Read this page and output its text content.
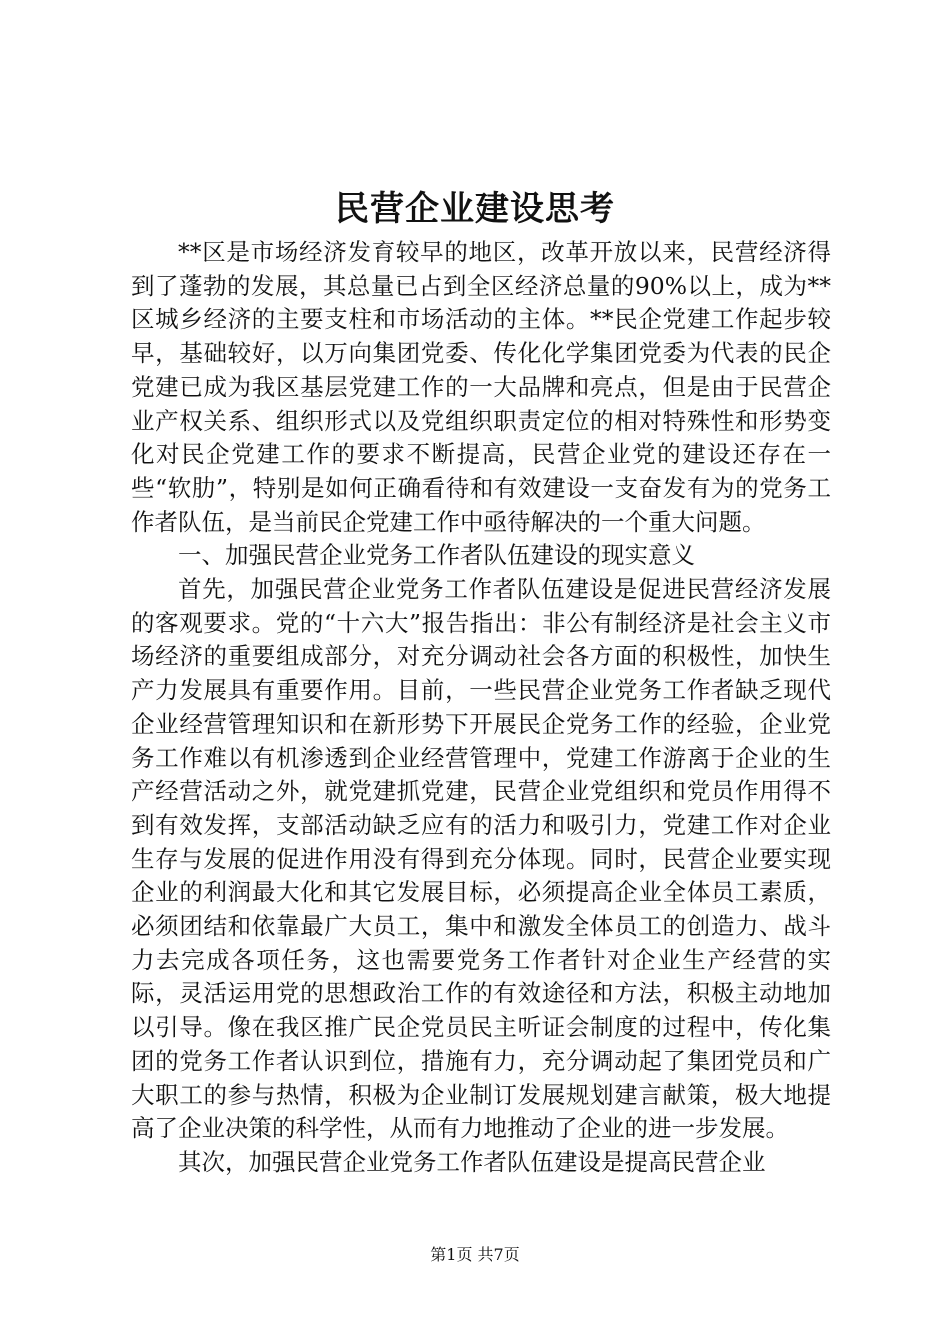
民营企业建设思考

**区是市场经济发育较早的地区，改革开放以来，民营经济得到了蓬勃的发展，其总量已占到全区经济总量的90%以上，成为**区城乡经济的主要支柱和市场活动的主体。**民企党建工作起步较早，基础较好，以万向集团党委、传化化学集团党委为代表的民企党建已成为我区基层党建工作的一大品牌和亮点，但是由于民营企业产权关系、组织形式以及党组织职责定位的相对特殊性和形势变化对民企党建工作的要求不断提高，民营企业党的建设还存在一些“软肋”，特别是如何正确看待和有效建设一支奋发有为的党务工作者队伍，是当前民企党建工作中亟待解决的一个重大问题。

一、加强民营企业党务工作者队伍建设的现实意义

首先，加强民营企业党务工作者队伍建设是促进民营经济发展的客观要求。党的“十六大”报告指出：非公有制经济是社会主义市场经济的重要组成部分，对充分调动社会各方面的积极性，加快生产力发展具有重要作用。目前，一些民营企业党务工作者缺乏现代企业经营管理知识和在新形势下开展民企党务工作的经验，企业党务工作难以有机渗透到企业经营管理中，党建工作游离于企业的生产经营活动之外，就党建抓党建，民营企业党组织和党员作用得不到有效发挥，支部活动缺乏应有的活力和吸引力，党建工作对企业生存与发展的促进作用没有得到充分体现。同时，民营企业要实现企业的利润最大化和其它发展目标，必须提高企业全体员工素质，必须团结和依靠最广大员工，集中和激发全体员工的创造力、战斗力去完成各项任务，这也需要党务工作者针对企业生产经营的实际，灵活运用党的思想政治工作的有效途径和方法，积极主动地加以引导。像在我区推广民企党员民主听证会制度的过程中，传化集团的党务工作者认识到位，措施有力，充分调动起了集团党员和广大职工的参与热情，积极为企业制订发展规划建言献策，极大地提高了企业决策的科学性，从而有力地推动了企业的进一步发展。

其次，加强民营企业党务工作者队伍建设是提高民营企业

第1页 共7页
